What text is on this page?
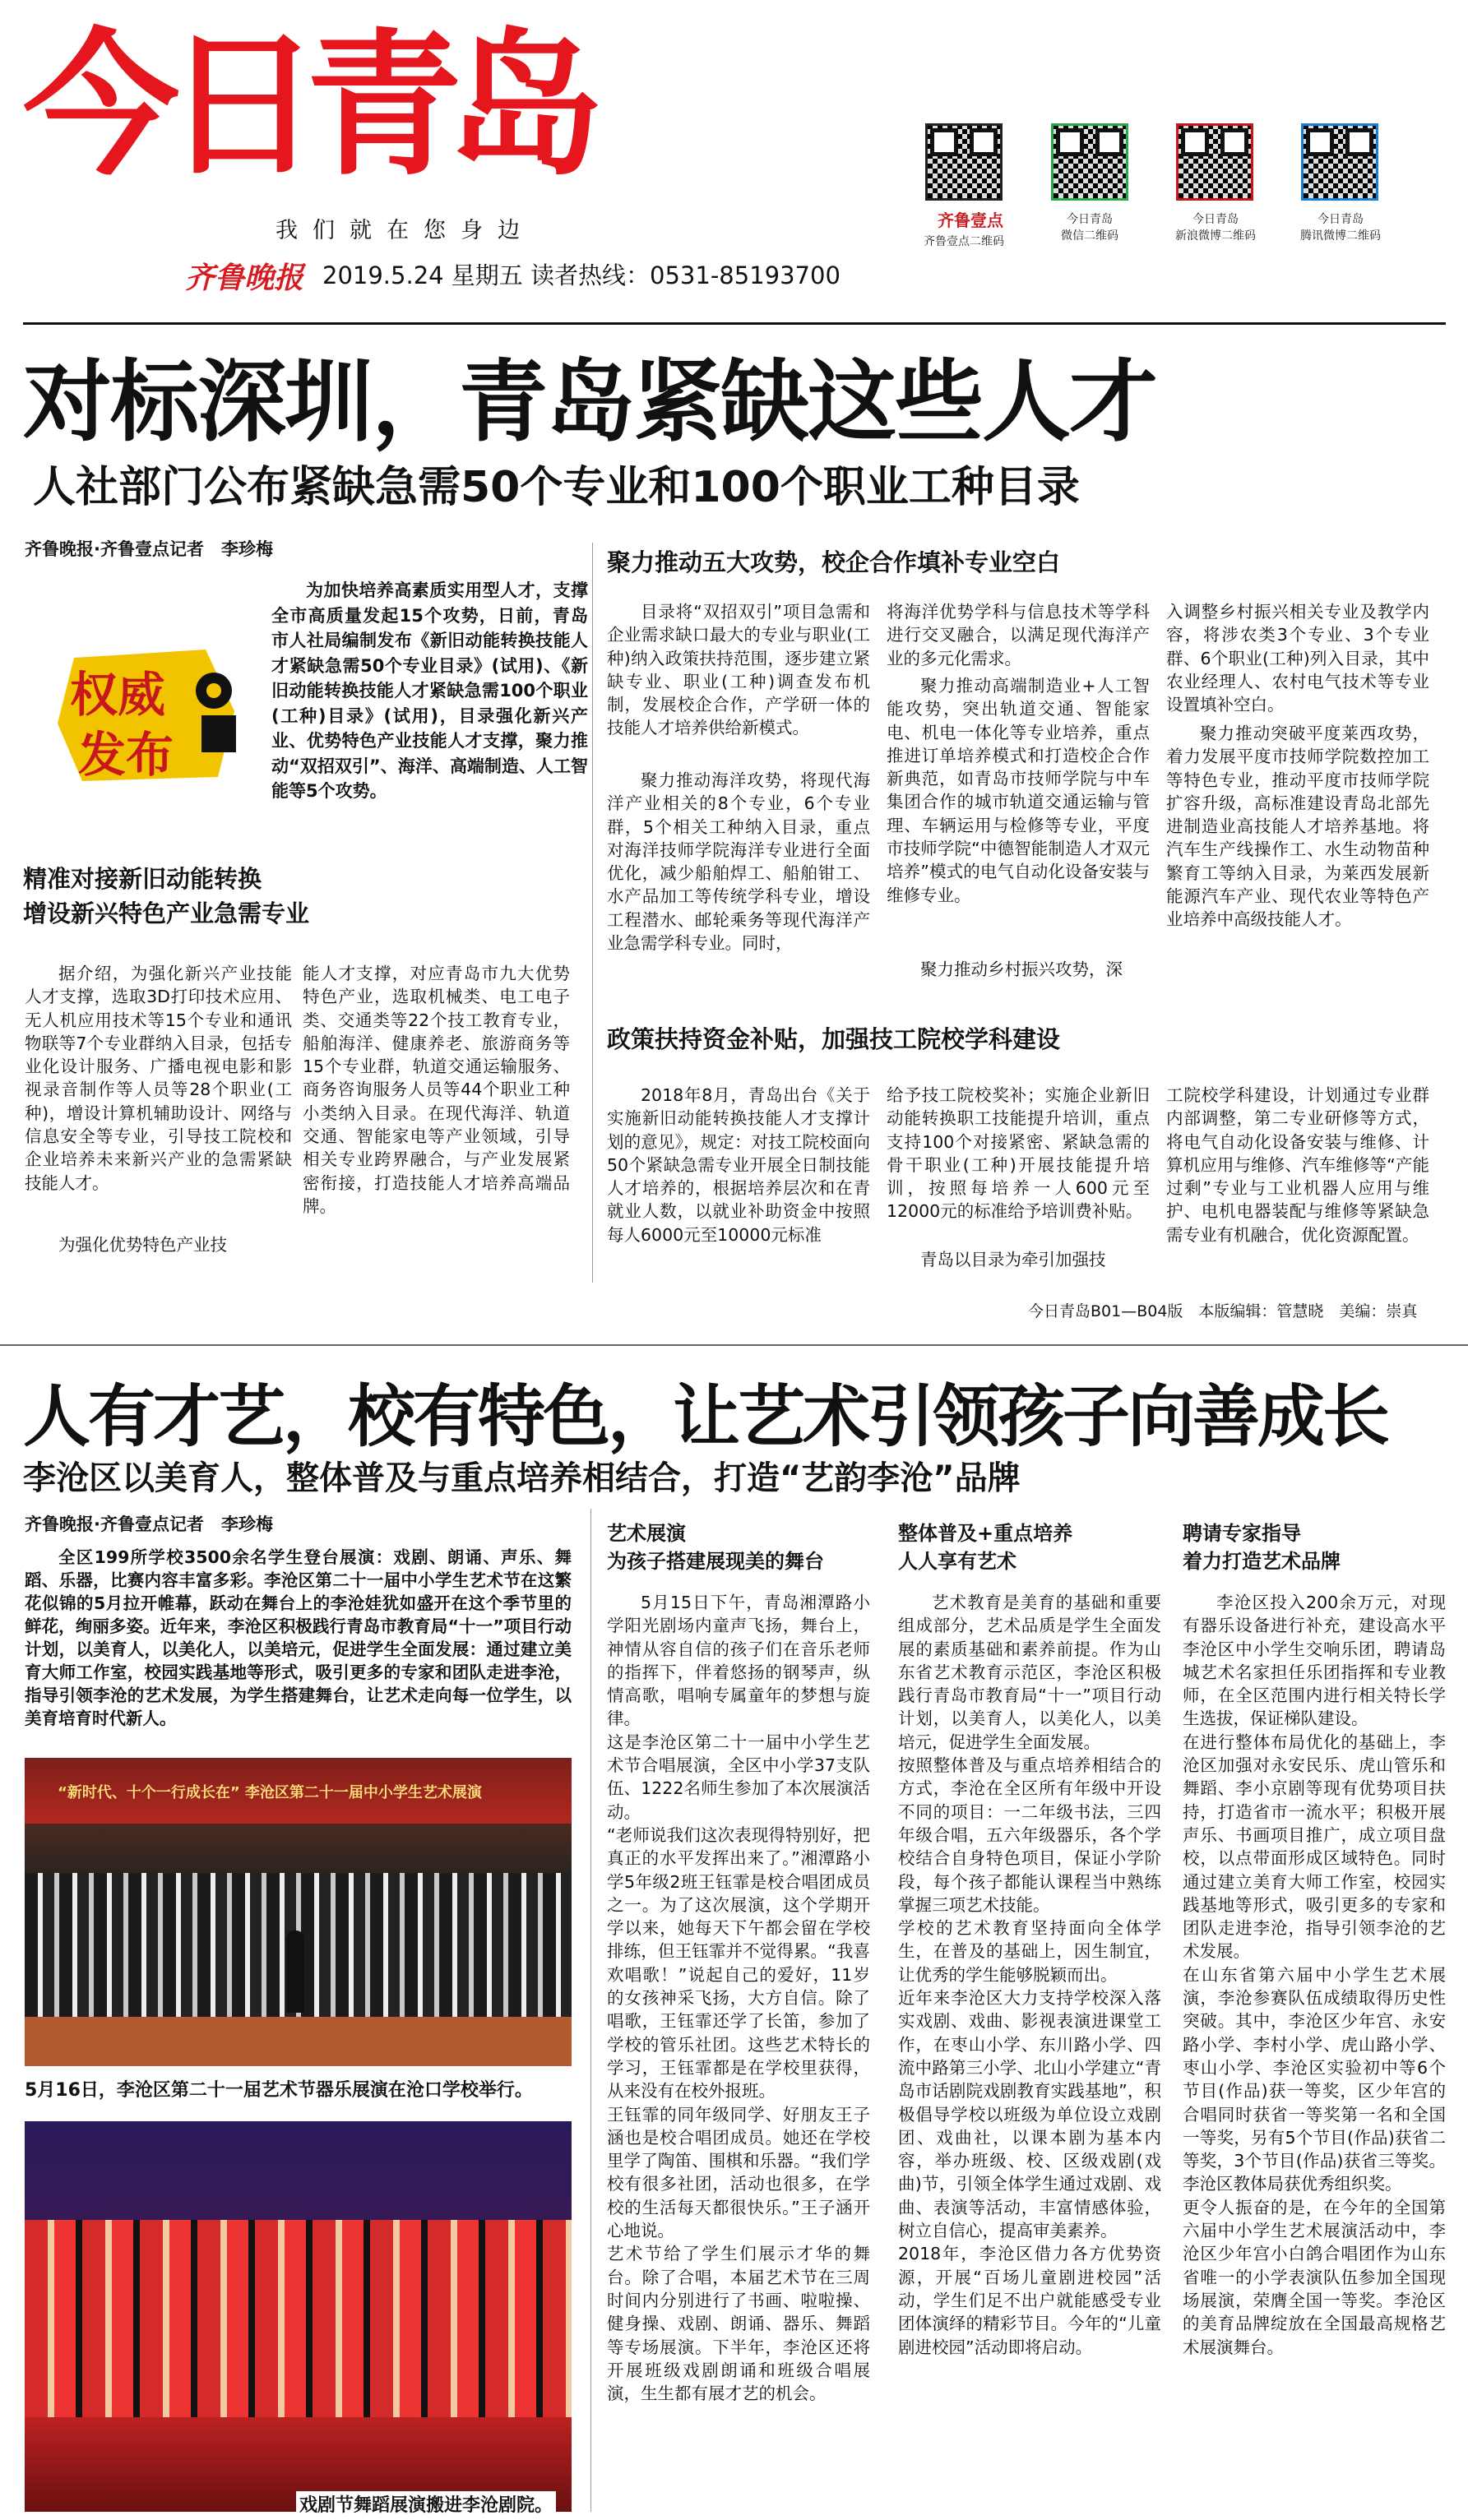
今日青岛
我们就在您身边
齐鲁晚报 2019.5.24 星期五 读者热线：0531-85193700
齐鲁壹点
齐鲁壹点二维码
今日青岛
微信二维码
今日青岛
新浪微博二维码
今日青岛
腾讯微博二维码
对标深圳，青岛紧缺这些人才
人社部门公布紧缺急需50个专业和100个职业工种目录
齐鲁晚报·齐鲁壹点记者　李珍梅
权威
发布
为加快培养高素质实用型人才，支撑全市高质量发起15个攻势，日前，青岛市人社局编制发布《新旧动能转换技能人才紧缺急需50个专业目录》(试用)、《新旧动能转换技能人才紧缺急需100个职业(工种)目录》(试用)，目录强化新兴产业、优势特色产业技能人才支撑，聚力推动“双招双引”、海洋、高端制造、人工智能等5个攻势。
精准对接新旧动能转换
增设新兴特色产业急需专业
据介绍，为强化新兴产业技能人才支撑，选取3D打印技术应用、无人机应用技术等15个专业和通讯物联等7个专业群纳入目录，包括专业化设计服务、广播电视电影和影视录音制作等人员等28个职业(工种)，增设计算机辅助设计、网络与信息安全等专业，引导技工院校和企业培养未来新兴产业的急需紧缺技能人才。
为强化优势特色产业技
能人才支撑，对应青岛市九大优势特色产业，选取机械类、电工电子类、交通类等22个技工教育专业，船舶海洋、健康养老、旅游商务等15个专业群，轨道交通运输服务、商务咨询服务人员等44个职业工种小类纳入目录。在现代海洋、轨道交通、智能家电等产业领域，引导相关专业跨界融合，与产业发展紧密衔接，打造技能人才培养高端品牌。
聚力推动五大攻势，校企合作填补专业空白
目录将“双招双引”项目急需和企业需求缺口最大的专业与职业(工种)纳入政策扶持范围，逐步建立紧缺专业、职业(工种)调查发布机制，发展校企合作，产学研一体的技能人才培养供给新模式。
聚力推动海洋攻势，将现代海洋产业相关的8个专业，6个专业群，5个相关工种纳入目录，重点对海洋技师学院海洋专业进行全面优化，减少船舶焊工、船舶钳工、水产品加工等传统学科专业，增设工程潜水、邮轮乘务等现代海洋产业急需学科专业。同时，
将海洋优势学科与信息技术等学科进行交叉融合，以满足现代海洋产业的多元化需求。
聚力推动高端制造业+人工智能攻势，突出轨道交通、智能家电、机电一体化等专业培养，重点推进订单培养模式和打造校企合作新典范，如青岛市技师学院与中车集团合作的城市轨道交通运输与管理、车辆运用与检修等专业，平度市技师学院“中德智能制造人才双元培养”模式的电气自动化设备安装与维修专业。
聚力推动乡村振兴攻势，深
入调整乡村振兴相关专业及教学内容，将涉农类3个专业、3个专业群、6个职业(工种)列入目录，其中农业经理人、农村电气技术等专业设置填补空白。
聚力推动突破平度莱西攻势，着力发展平度市技师学院数控加工等特色专业，推动平度市技师学院扩容升级，高标准建设青岛北部先进制造业高技能人才培养基地。将汽车生产线操作工、水生动物苗种繁育工等纳入目录，为莱西发展新能源汽车产业、现代农业等特色产业培养中高级技能人才。
政策扶持资金补贴，加强技工院校学科建设
2018年8月，青岛出台《关于实施新旧动能转换技能人才支撑计划的意见》，规定：对技工院校面向50个紧缺急需专业开展全日制技能人才培养的，根据培养层次和在青就业人数，以就业补助资金中按照每人6000元至10000元标准
给予技工院校奖补；实施企业新旧动能转换职工技能提升培训，重点支持100个对接紧密、紧缺急需的骨干职业(工种)开展技能提升培训，按照每培养一人600元至12000元的标准给予培训费补贴。
青岛以目录为牵引加强技
工院校学科建设，计划通过专业群内部调整，第二专业研修等方式，将电气自动化设备安装与维修、计算机应用与维修、汽车维修等“产能过剩”专业与工业机器人应用与维护、电机电器装配与维修等紧缺急需专业有机融合，优化资源配置。
今日青岛B01—B04版　本版编辑：管慧晓　美编：崇真
人有才艺，校有特色，让艺术引领孩子向善成长
李沧区以美育人，整体普及与重点培养相结合，打造“艺韵李沧”品牌
齐鲁晚报·齐鲁壹点记者　李珍梅
全区199所学校3500余名学生登台展演：戏剧、朗诵、声乐、舞蹈、乐器，比赛内容丰富多彩。李沧区第二十一届中小学生艺术节在这繁花似锦的5月拉开帷幕，跃动在舞台上的李沧娃犹如盛开在这个季节里的鲜花，绚丽多姿。近年来，李沧区积极践行青岛市教育局“十一”项目行动计划，以美育人，以美化人，以美培元，促进学生全面发展：通过建立美育大师工作室，校园实践基地等形式，吸引更多的专家和团队走进李沧，指导引领李沧的艺术发展，为学生搭建舞台，让艺术走向每一位学生，以美育培育时代新人。
“新时代、十个一行成长在” 李沧区第二十一届中小学生艺术展演
5月16日，李沧区第二十一届艺术节器乐展演在沧口学校举行。
戏剧节舞蹈展演搬进李沧剧院。
艺术展演
为孩子搭建展现美的舞台
5月15日下午，青岛湘潭路小学阳光剧场内童声飞扬，舞台上，神情从容自信的孩子们在音乐老师的指挥下，伴着悠扬的钢琴声，纵情高歌，唱响专属童年的梦想与旋律。
这是李沧区第二十一届中小学生艺术节合唱展演，全区中小学37支队伍、1222名师生参加了本次展演活动。
“老师说我们这次表现得特别好，把真正的水平发挥出来了。”湘潭路小学5年级2班王钰霏是校合唱团成员之一。为了这次展演，这个学期开学以来，她每天下午都会留在学校排练，但王钰霏并不觉得累。“我喜欢唱歌！”说起自己的爱好，11岁的女孩神采飞扬，大方自信。除了唱歌，王钰霏还学了长笛，参加了学校的管乐社团。这些艺术特长的学习，王钰霏都是在学校里获得，从来没有在校外报班。
王钰霏的同年级同学、好朋友王子涵也是校合唱团成员。她还在学校里学了陶笛、围棋和乐器。“我们学校有很多社团，活动也很多，在学校的生活每天都很快乐。”王子涵开心地说。
艺术节给了学生们展示才华的舞台。除了合唱，本届艺术节在三周时间内分别进行了书画、啦啦操、健身操、戏剧、朗诵、器乐、舞蹈等专场展演。下半年，李沧区还将开展班级戏剧朗诵和班级合唱展演，生生都有展才艺的机会。
整体普及+重点培养
人人享有艺术
艺术教育是美育的基础和重要组成部分，艺术品质是学生全面发展的素质基础和素养前提。作为山东省艺术教育示范区，李沧区积极践行青岛市教育局“十一”项目行动计划，以美育人，以美化人，以美培元，促进学生全面发展。
按照整体普及与重点培养相结合的方式，李沧在全区所有年级中开设不同的项目：一二年级书法，三四年级合唱，五六年级器乐，各个学校结合自身特色项目，保证小学阶段，每个孩子都能认课程当中熟练掌握三项艺术技能。
学校的艺术教育坚持面向全体学生，在普及的基础上，因生制宜，让优秀的学生能够脱颖而出。
近年来李沧区大力支持学校深入落实戏剧、戏曲、影视表演进课堂工作，在枣山小学、东川路小学、四流中路第三小学、北山小学建立“青岛市话剧院戏剧教育实践基地”，积极倡导学校以班级为单位设立戏剧团、戏曲社，以课本剧为基本内容，举办班级、校、区级戏剧(戏曲)节，引领全体学生通过戏剧、戏曲、表演等活动，丰富情感体验，树立自信心，提高审美素养。
2018年，李沧区借力各方优势资源，开展“百场儿童剧进校园”活动，学生们足不出户就能感受专业团体演绎的精彩节目。今年的“儿童剧进校园”活动即将启动。
聘请专家指导
着力打造艺术品牌
李沧区投入200余万元，对现有器乐设备进行补充，建设高水平李沧区中小学生交响乐团，聘请岛城艺术名家担任乐团指挥和专业教师，在全区范围内进行相关特长学生选拔，保证梯队建设。
在进行整体布局优化的基础上，李沧区加强对永安民乐、虎山管乐和舞蹈、李小京剧等现有优势项目扶持，打造省市一流水平；积极开展声乐、书画项目推广，成立项目盘校，以点带面形成区域特色。同时通过建立美育大师工作室，校园实践基地等形式，吸引更多的专家和团队走进李沧，指导引领李沧的艺术发展。
在山东省第六届中小学生艺术展演，李沧参赛队伍成绩取得历史性突破。其中，李沧区少年宫、永安路小学、李村小学、虎山路小学、枣山小学、李沧区实验初中等6个节目(作品)获一等奖，区少年宫的合唱同时获省一等奖第一名和全国一等奖，另有5个节目(作品)获省二等奖，3个节目(作品)获省三等奖。李沧区教体局获优秀组织奖。
更令人振奋的是，在今年的全国第六届中小学生艺术展演活动中，李沧区少年宫小白鸽合唱团作为山东省唯一的小学表演队伍参加全国现场展演，荣膺全国一等奖。李沧区的美育品牌绽放在全国最高规格艺术展演舞台。
